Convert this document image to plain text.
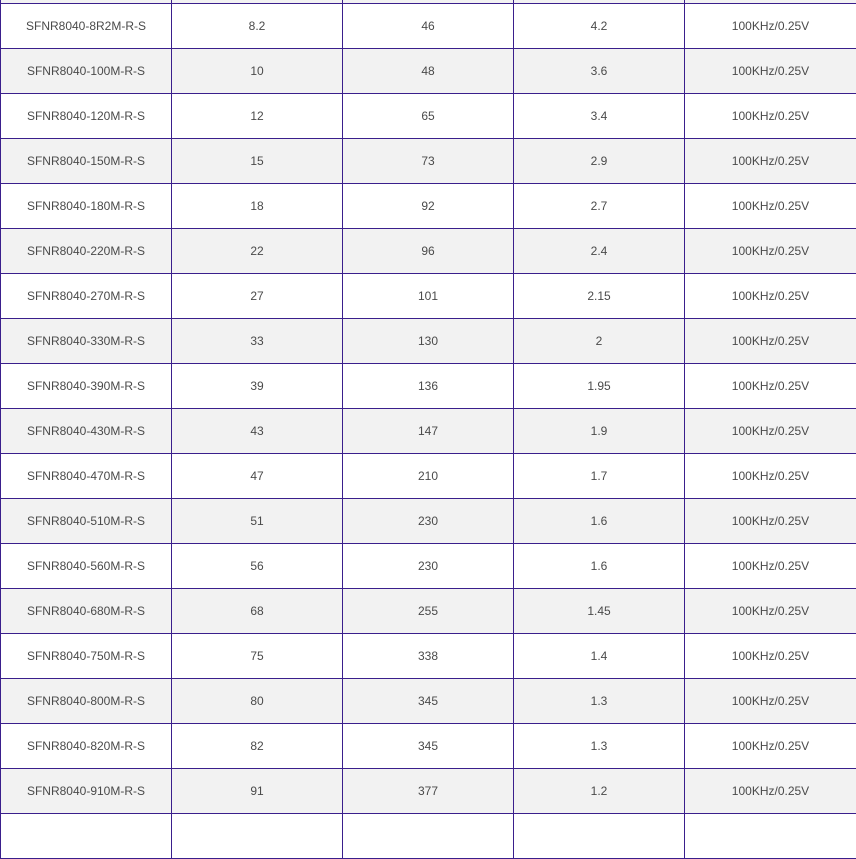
SFNR8040-8R2M-R-S	8.2	46	4.2	100KHz/0.25V
SFNR8040-100M-R-S	10	48	3.6	100KHz/0.25V
SFNR8040-120M-R-S	12	65	3.4	100KHz/0.25V
SFNR8040-150M-R-S	15	73	2.9	100KHz/0.25V
SFNR8040-180M-R-S	18	92	2.7	100KHz/0.25V
SFNR8040-220M-R-S	22	96	2.4	100KHz/0.25V
SFNR8040-270M-R-S	27	101	2.15	100KHz/0.25V
SFNR8040-330M-R-S	33	130	2	100KHz/0.25V
SFNR8040-390M-R-S	39	136	1.95	100KHz/0.25V
SFNR8040-430M-R-S	43	147	1.9	100KHz/0.25V
SFNR8040-470M-R-S	47	210	1.7	100KHz/0.25V
SFNR8040-510M-R-S	51	230	1.6	100KHz/0.25V
SFNR8040-560M-R-S	56	230	1.6	100KHz/0.25V
SFNR8040-680M-R-S	68	255	1.45	100KHz/0.25V
SFNR8040-750M-R-S	75	338	1.4	100KHz/0.25V
SFNR8040-800M-R-S	80	345	1.3	100KHz/0.25V
SFNR8040-820M-R-S	82	345	1.3	100KHz/0.25V
SFNR8040-910M-R-S	91	377	1.2	100KHz/0.25V
